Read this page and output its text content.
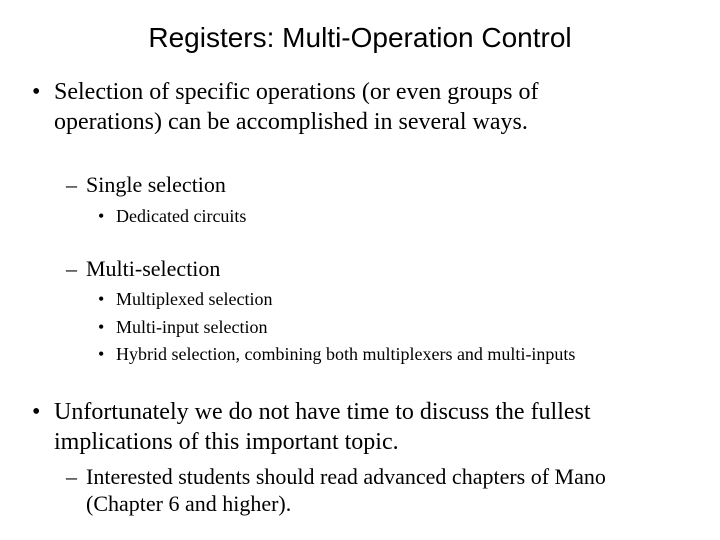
Registers: Multi-Operation Control
• Selection of specific operations (or even groups of
operations) can be accomplished in several ways.
– Single selection
• Dedicated circuits
– Multi-selection
• Multiplexed selection
• Multi-input selection
• Hybrid selection, combining both multiplexers and multi-inputs
• Unfortunately we do not have time to discuss the fullest
implications of this important topic.
– Interested students should read advanced chapters of Mano
(Chapter 6 and higher).
